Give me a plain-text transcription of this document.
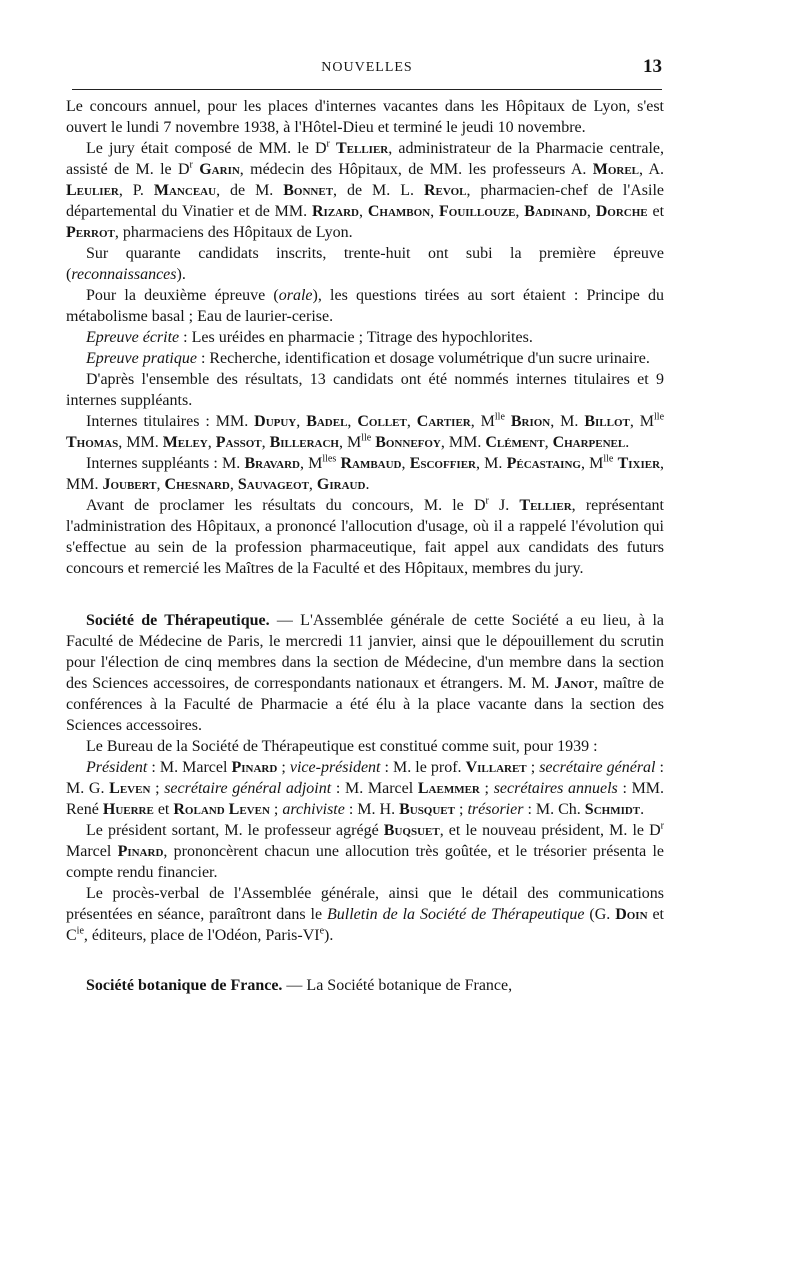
NOUVELLES	13

Le concours annuel, pour les places d'internes vacantes dans les Hôpitaux de Lyon, s'est ouvert le lundi 7 novembre 1938, à l'Hôtel-Dieu et terminé le jeudi 10 novembre.

Le jury était composé de MM. le $D^r$ Tellier, administrateur de la Pharmacie centrale, assisté de M. le $D^r$ Garin, médecin des Hôpitaux, de MM. les professeurs A. Morel, A. Leulier, P. Manceau, de M. Bonnet, de M. L. Revol, pharmacien-chef de l'Asile départemental du Vinatier et de MM. Rizard, Chambon, Fouillouze, Badinand, Dorche et Perrot, pharmaciens des Hôpitaux de Lyon.

Sur quarante candidats inscrits, trente-huit ont subi la première épreuve (reconnaissances).

Pour la deuxième épreuve (orale), les questions tirées au sort étaient : Principe du métabolisme basal ; Eau de laurier-cerise.

Epreuve écrite : Les uréides en pharmacie ; Titrage des hypochlorites.

Epreuve pratique : Recherche, identification et dosage volumétrique d'un sucre urinaire.

D'après l'ensemble des résultats, 13 candidats ont été nommés internes titulaires et 9 internes suppléants.

Internes titulaires : MM. Dupuy, Badel, Collet, Cartier, $M^{lle}$ Brion, M. Billot, $M^{lle}$ Thomas, MM. Meley, Passot, Billerach, $M^{lle}$ Bonnefoy, MM. Clément, Charpenel.

Internes suppléants : M. Bravard, $M^{lles}$ Rambaud, Escoffier, M. Pécastaing, $M^{lle}$ Tixier, MM. Joubert, Chesnard, Sauvageot, Giraud.

Avant de proclamer les résultats du concours, M. le $D^r$ J. Tellier, représentant l'administration des Hôpitaux, a prononcé l'allocution d'usage, où il a rappelé l'évolution qui s'effectue au sein de la profession pharmaceutique, fait appel aux candidats des futurs concours et remercié les Maîtres de la Faculté et des Hôpitaux, membres du jury.

Société de Thérapeutique. — L'Assemblée générale de cette Société a eu lieu, à la Faculté de Médecine de Paris, le mercredi 11 janvier, ainsi que le dépouillement du scrutin pour l'élection de cinq membres dans la section de Médecine, d'un membre dans la section des Sciences accessoires, de correspondants nationaux et étrangers. M. M. Janot, maître de conférences à la Faculté de Pharmacie a été élu à la place vacante dans la section des Sciences accessoires.

Le Bureau de la Société de Thérapeutique est constitué comme suit, pour 1939 :

Président : M. Marcel Pinard ; vice-président : M. le prof. Villaret ; secrétaire général : M. G. Leven ; secrétaire général adjoint : M. Marcel Laemmer ; secrétaires annuels : MM. René Huerre et Roland Leven ; archiviste : M. H. Busquet ; trésorier : M. Ch. Schmidt.

Le président sortant, M. le professeur agrégé Buqsuet, et le nouveau président, M. le $D^r$ Marcel Pinard, prononcèrent chacun une allocution très goûtée, et le trésorier présenta le compte rendu financier.

Le procès-verbal de l'Assemblée générale, ainsi que le détail des communications présentées en séance, paraîtront dans le Bulletin de la Société de Thérapeutique (G. Doin et $C^{ie}$, éditeurs, place de l'Odéon, Paris-VIe).

Société botanique de France. — La Société botanique de France,
